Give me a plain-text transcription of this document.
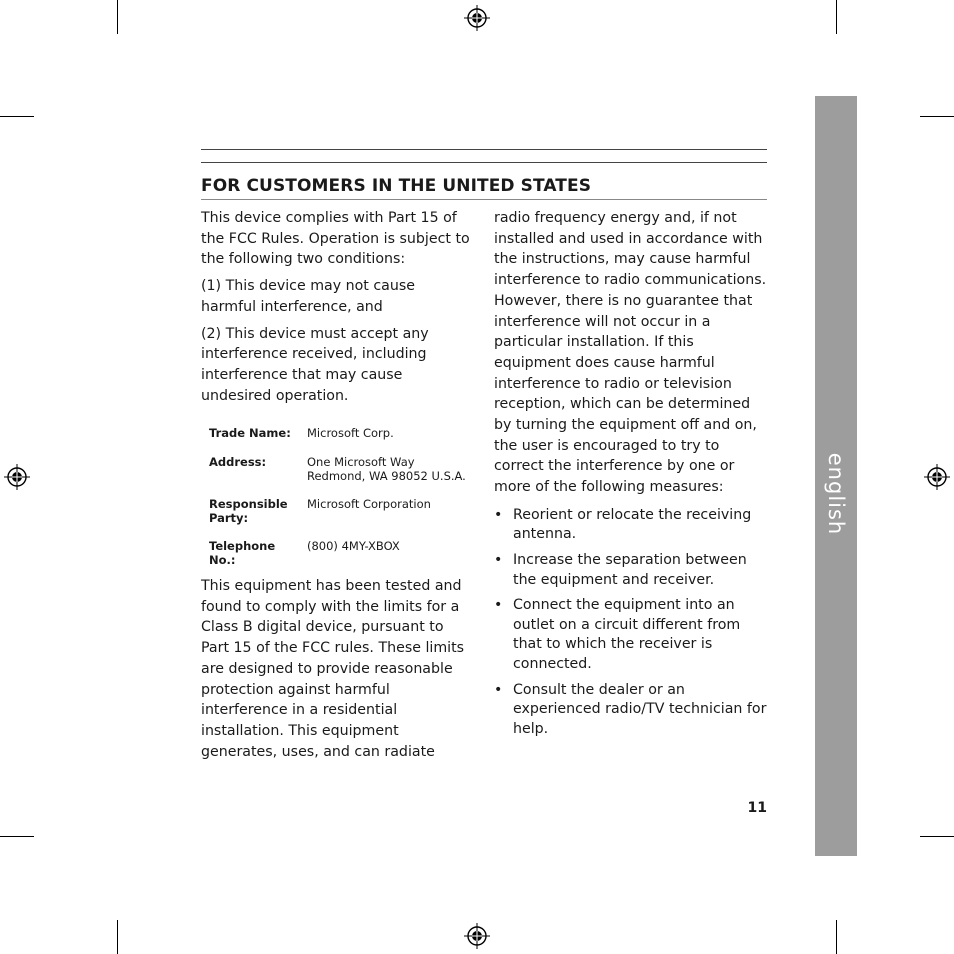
english
FOR CUSTOMERS IN THE UNITED STATES

This device complies with Part 15 of the FCC Rules. Operation is subject to the following two conditions:

(1) This device may not cause harmful interference, and

(2) This device must accept any interference received, including interference that may cause undesired operation.

Trade Name:	Microsoft Corp.
Address:	One Microsoft Way
Redmond, WA 98052 U.S.A.
Responsible
Party:
Microsoft Corporation
Telephone
No.:
(800) 4MY-XBOX

This equipment has been tested and found to comply with the limits for a Class B digital device, pursuant to Part 15 of the FCC rules. These limits are designed to provide reasonable protection against harmful interference in a residential installation. This equipment generates, uses, and can radiate

radio frequency energy and, if not installed and used in accordance with the instructions, may cause harmful interference to radio communications. However, there is no guarantee that interference will not occur in a particular installation. If this equipment does cause harmful interference to radio or television reception, which can be determined by turning the equipment off and on, the user is encouraged to try to correct the interference by one or more of the following measures:

• Reorient or relocate the receiving antenna.
• Increase the separation between the equipment and receiver.
• Connect the equipment into an outlet on a circuit different from that to which the receiver is connected.
• Consult the dealer or an experienced radio/TV technician for help.
11
